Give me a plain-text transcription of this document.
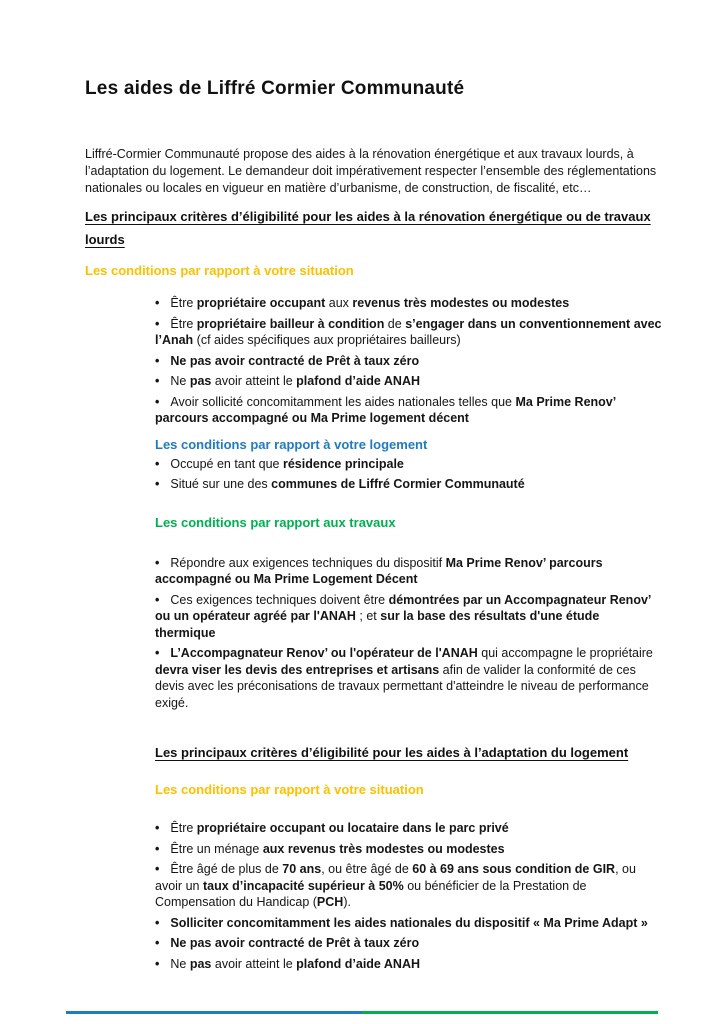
Les aides de Liffré Cormier Communauté

Liffré-Cormier Communauté propose des aides à la rénovation énergétique et aux travaux lourds, à l’adaptation du logement. Le demandeur doit impérativement respecter l’ensemble des réglementations nationales ou locales en vigueur en matière d’urbanisme, de construction, de fiscalité, etc…

Les principaux critères d’éligibilité pour les aides à la rénovation énergétique ou de travaux lourds
Les conditions par rapport à votre situation
• Être propriétaire occupant aux revenus très modestes ou modestes
• Être propriétaire bailleur à condition de s’engager dans un conventionnement avec l’Anah (cf aides spécifiques aux propriétaires bailleurs)
• Ne pas avoir contracté de Prêt à taux zéro
• Ne pas avoir atteint le plafond d’aide ANAH
• Avoir sollicité concomitamment les aides nationales telles que Ma Prime Renov’ parcours accompagné ou Ma Prime logement décent
Les conditions par rapport à votre logement
• Occupé en tant que résidence principale
• Situé sur une des communes de Liffré Cormier Communauté
Les conditions par rapport aux travaux
• Répondre aux exigences techniques du dispositif Ma Prime Renov’ parcours accompagné ou Ma Prime Logement Décent
• Ces exigences techniques doivent être démontrées par un Accompagnateur Renov’ ou un opérateur agréé par l'ANAH ; et sur la base des résultats d'une étude thermique
• L’Accompagnateur Renov’ ou l'opérateur de l'ANAH qui accompagne le propriétaire devra viser les devis des entreprises et artisans afin de valider la conformité de ces devis avec les préconisations de travaux permettant d'atteindre le niveau de performance exigé.
Les principaux critères d’éligibilité pour les aides à l’adaptation du logement
Les conditions par rapport à votre situation
• Être propriétaire occupant ou locataire dans le parc privé
• Être un ménage aux revenus très modestes ou modestes
• Être âgé de plus de 70 ans, ou être âgé de 60 à 69 ans sous condition de GIR, ou avoir un taux d’incapacité supérieur à 50% ou bénéficier de la Prestation de Compensation du Handicap (PCH).
• Solliciter concomitamment les aides nationales du dispositif « Ma Prime Adapt »
• Ne pas avoir contracté de Prêt à taux zéro
• Ne pas avoir atteint le plafond d’aide ANAH
